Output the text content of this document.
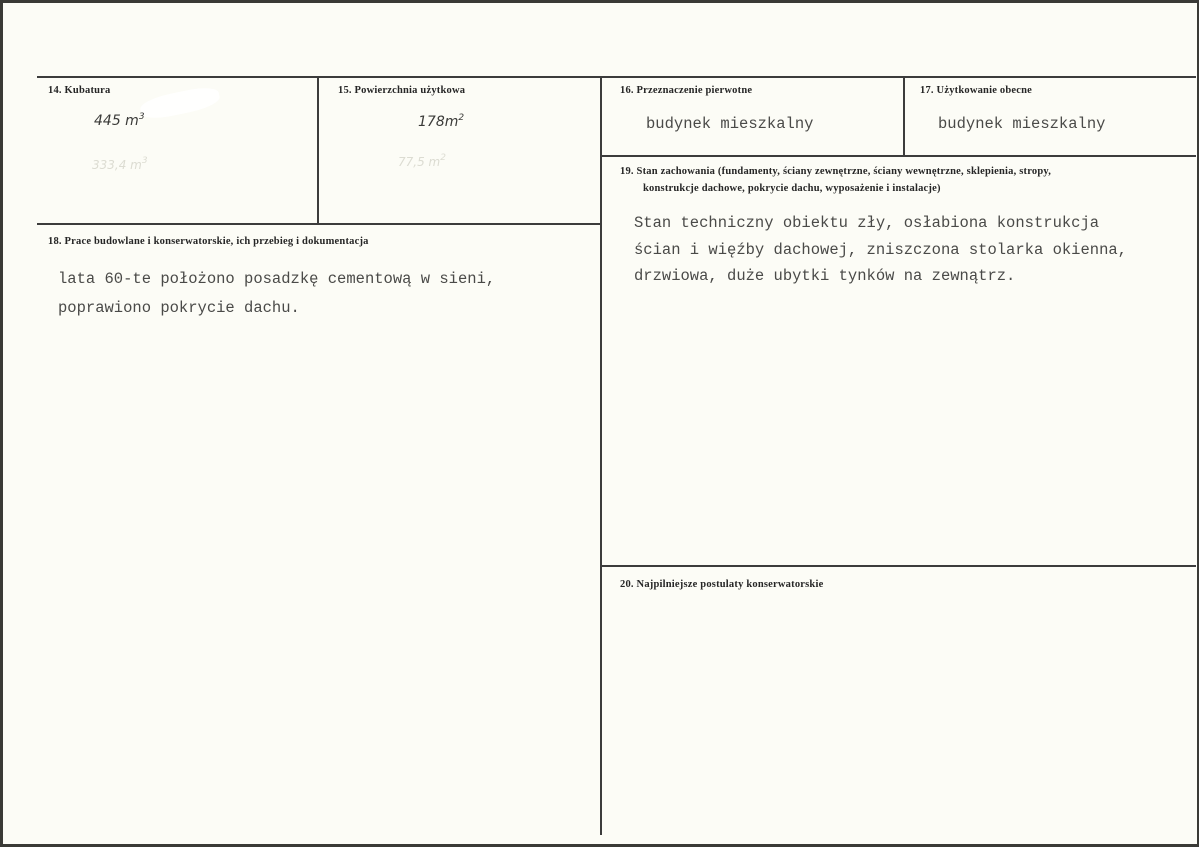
14. Kubatura
445 $m^3$
333,4 $m^3$
15. Powierzchnia użytkowa
$178m^2$
77,5 $m^2$
16. Przeznaczenie pierwotne
budynek mieszkalny
17. Użytkowanie obecne
budynek mieszkalny
18. Prace budowlane i konserwatorskie, ich przebieg i dokumentacja
lata 60-te położono posadzkę cementową w sieni,
poprawiono pokrycie dachu.
19. Stan zachowania (fundamenty, ściany zewnętrzne, ściany wewnętrzne, sklepienia, stropy,
konstrukcje dachowe, pokrycie dachu, wyposażenie i instalacje)
Stan techniczny obiektu zły, osłabiona konstrukcja
ścian i więźby dachowej, zniszczona stolarka okienna,
drzwiowa, duże ubytki tynków na zewnątrz.
20. Najpilniejsze postulaty konserwatorskie
